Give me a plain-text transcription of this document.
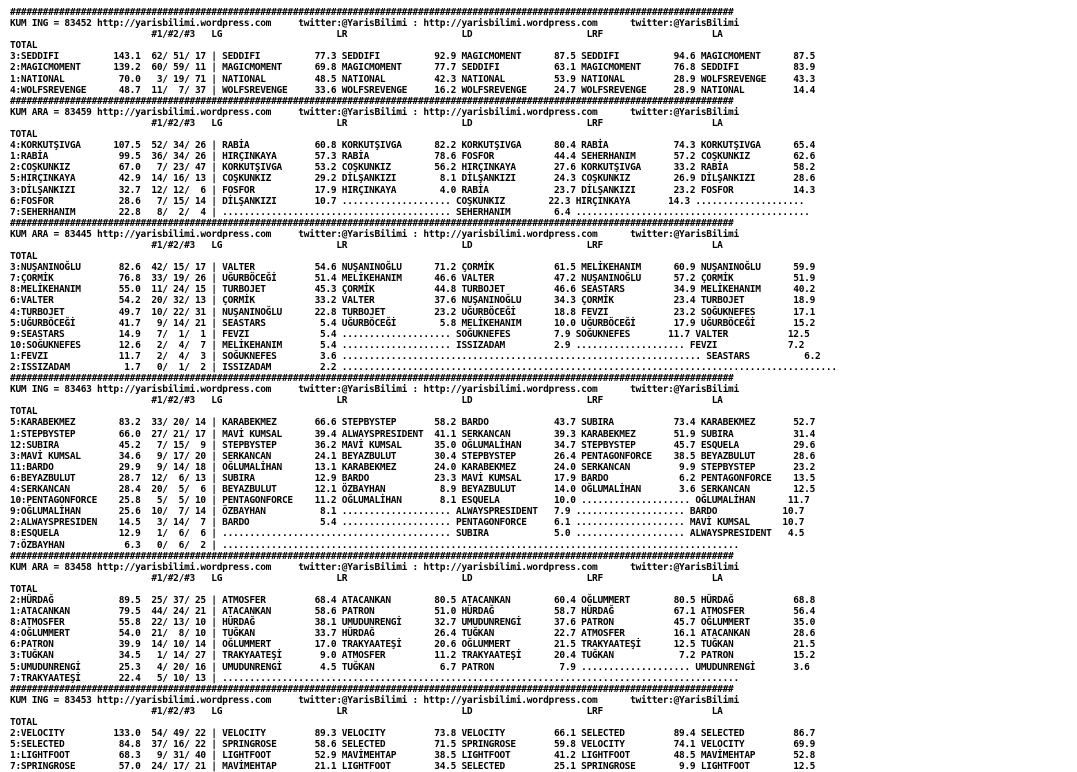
#####################################################################################################################################
KUM ING = 83452 http://yarisbilimi.wordpress.com     twitter:@YarisBilimi : http://yarisbilimi.wordpress.com      twitter:@YarisBilimi
#1/#2/#3   LG                     LR                     LD                     LRF                    LA
TOTAL
3:SEDDIFI          143.1  62/ 51/ 17 | SEDDIFI          77.3 SEDDIFI          92.9 MAGICMOMENT      87.5 SEDDIFI          94.6 MAGICMOMENT      87.5
2:MAGICMOMENT      139.2  60/ 59/ 11 | MAGICMOMENT      69.8 MAGICMOMENT      77.7 SEDDIFI          63.1 MAGICMOMENT      76.8 SEDDIFI          83.9
1:NATIONAL          70.0   3/ 19/ 71 | NATIONAL         48.5 NATIONAL         42.3 NATIONAL         53.9 NATIONAL         28.9 WOLFSREVENGE     43.3
4:WOLFSREVENGE      48.7  11/  7/ 37 | WOLFSREVENGE     33.6 WOLFSREVENGE     16.2 WOLFSREVENGE     24.7 WOLFSREVENGE     28.9 NATIONAL         14.4
#####################################################################################################################################
KUM ARA = 83459 http://yarisbilimi.wordpress.com     twitter:@YarisBilimi : http://yarisbilimi.wordpress.com      twitter:@YarisBilimi
#1/#2/#3   LG                     LR                     LD                     LRF                    LA
TOTAL
4:KORKUTŞIVGA      107.5  52/ 34/ 26 | RABİA            60.8 KORKUTŞIVGA      82.2 KORKUTŞIVGA      80.4 RABİA            74.3 KORKUTŞIVGA      65.4
1:RABİA             99.5  36/ 34/ 26 | HIRÇINKAYA       57.3 RABİA            78.6 FOSFOR           44.4 SEHERHANIM       57.2 COŞKUNKIZ        62.6
2:COŞKUNKIZ         67.0   7/ 23/ 47 | KORKUTŞIVGA      53.2 COŞKUNKIZ        56.2 HIRÇINKAYA       27.6 KORKUTŞIVGA      33.2 RABİA            58.2
5:HIRÇINKAYA        42.9  14/ 16/ 13 | COŞKUNKIZ        29.2 DİLŞANKIZI        8.1 DİLŞANKIZI       24.3 COŞKUNKIZ        26.9 DİLŞANKIZI       28.6
3:DİLŞANKIZI        32.7  12/ 12/  6 | FOSFOR           17.9 HIRÇINKAYA        4.0 RABİA            23.7 DİLŞANKIZI       23.2 FOSFOR           14.3
6:FOSFOR            28.6   7/ 15/ 14 | DİLŞANKIZI       10.7 .................... COŞKUNKIZ        22.3 HIRÇINKAYA       14.3 ....................
7:SEHERHANIM        22.8   8/  2/  4 | .......................................... SEHERHANIM        6.4 ...........................................
#####################################################################################################################################
KUM ARA = 83445 http://yarisbilimi.wordpress.com     twitter:@YarisBilimi : http://yarisbilimi.wordpress.com      twitter:@YarisBilimi
#1/#2/#3   LG                     LR                     LD                     LRF                    LA
TOTAL
3:NUŞANINOĞLU       82.6  42/ 15/ 17 | VALTER           54.6 NUŞANINOĞLU      71.2 ÇORMİK           61.5 MELİKEHANIM      60.9 NUŞANINOĞLU      59.9
7:ÇORMİK            76.8  33/ 19/ 26 | UĞURBÖCEĞİ       51.4 MELİKEHANIM      46.6 VALTER           47.2 NUŞANINOĞLU      57.2 ÇORMİK           51.9
8:MELİKEHANIM       55.0  11/ 24/ 15 | TURBOJET         45.3 ÇORMİK           44.8 TURBOJET         46.6 SEASTARS         34.9 MELİKEHANIM      40.2
6:VALTER            54.2  20/ 32/ 13 | ÇORMİK           33.2 VALTER           37.6 NUŞANINOĞLU      34.3 ÇORMİK           23.4 TURBOJET         18.9
4:TURBOJET          49.7  10/ 22/ 31 | NUŞANINOĞLU      22.8 TURBOJET         23.2 UĞURBÖCEĞİ       18.8 FEVZI            23.2 SOĞUKNEFES       17.1
5:UĞURBÖCEĞİ        41.7   9/ 14/ 21 | SEASTARS          5.4 UĞURBÖCEĞİ        5.8 MELİKEHANIM      10.0 UĞURBÖCEĞİ       17.9 UĞURBÖCEĞİ       15.2
9:SEASTARS          14.9   7/  1/  1 | FEVZI             5.4 .................... SOĞUKNEFES        7.9 SOĞUKNEFES       11.7 VALTER           12.5
10:SOĞUKNEFES       12.6   2/  4/  7 | MELİKEHANIM       5.4 .................... ISSIZADAM         2.9 .................... FEVZI             7.2
1:FEVZI             11.7   2/  4/  3 | SOĞUKNEFES        3.6 .................................................................. SEASTARS          6.2
2:ISSIZADAM          1.7   0/  1/  2 | ISSIZADAM         2.2 ...........................................................................................
#####################################################################################################################################
KUM ING = 83463 http://yarisbilimi.wordpress.com     twitter:@YarisBilimi : http://yarisbilimi.wordpress.com      twitter:@YarisBilimi
#1/#2/#3   LG                     LR                     LD                     LRF                    LA
TOTAL
5:KARABEKMEZ        83.2  33/ 20/ 14 | KARABEKMEZ       66.6 STEPBYSTEP       58.2 BARDO            43.7 SUBIRA           73.4 KARABEKMEZ       52.7
1:STEPBYSTEP        66.0  27/ 21/ 17 | MAVİ KUMSAL      39.4 ALWAYSPRESIDENT  41.1 SERKANCAN        39.3 KARABEKMEZ       51.9 SUBIRA           31.4
12:SUBIRA           45.2   7/ 15/  9 | STEPBYSTEP       36.2 MAVİ KUMSAL      35.0 OĞLUMALİHAN      34.7 STEPBYSTEP       45.7 ESQUELA          29.6
3:MAVİ KUMSAL       34.6   9/ 17/ 20 | SERKANCAN        24.1 BEYAZBULUT       30.4 STEPBYSTEP       26.4 PENTAGONFORCE    38.5 BEYAZBULUT       28.6
11:BARDO            29.9   9/ 14/ 18 | OĞLUMALİHAN      13.1 KARABEKMEZ       24.0 KARABEKMEZ       24.0 SERKANCAN         9.9 STEPBYSTEP       23.2
6:BEYAZBULUT        28.7  12/  6/ 13 | SUBIRA           12.9 BARDO            23.3 MAVİ KUMSAL      17.9 BARDO             6.2 PENTAGONFORCE    13.5
4:SERKANCAN         28.4  20/  5/  6 | BEYAZBULUT       12.1 ÖZBAYHAN          8.9 BEYAZBULUT       14.0 OĞLUMALİHAN       3.6 SERKANCAN        12.5
10:PENTAGONFORCE    25.8   5/  5/ 10 | PENTAGONFORCE    11.2 OĞLUMALİHAN       8.1 ESQUELA          10.0 .................... OĞLUMALİHAN      11.7
9:OĞLUMALİHAN       25.6  10/  7/ 14 | ÖZBAYHAN          8.1 .................... ALWAYSPRESIDENT   7.9 .................... BARDO            10.7
2:ALWAYSPRESIDEN    14.5   3/ 14/  7 | BARDO             5.4 .................... PENTAGONFORCE     6.1 .................... MAVİ KUMSAL      10.7
8:ESQUELA           12.9   1/  6/  6 | .......................................... SUBIRA            5.0 .................... ALWAYSPRESIDENT   4.5
7:ÖZBAYHAN           6.3   0/  6/  2 | ...............................................................................................
#####################################################################################################################################
KUM ARA = 83458 http://yarisbilimi.wordpress.com     twitter:@YarisBilimi : http://yarisbilimi.wordpress.com      twitter:@YarisBilimi
#1/#2/#3   LG                     LR                     LD                     LRF                    LA
TOTAL
2:HÜRDAĞ            89.5  25/ 37/ 25 | ATMOSFER         68.4 ATACANKAN        80.5 ATACANKAN        60.4 OĞLUMMERT        80.5 HÜRDAĞ           68.8
1:ATACANKAN         79.5  44/ 24/ 21 | ATACANKAN        58.6 PATRON           51.0 HÜRDAĞ           58.7 HÜRDAĞ           67.1 ATMOSFER         56.4
8:ATMOSFER          55.8  22/ 13/ 10 | HÜRDAĞ           38.1 UMUDUNRENGİ      32.7 UMUDUNRENGİ      37.6 PATRON           45.7 OĞLUMMERT        35.0
4:OĞLUMMERT         54.0  21/  8/ 10 | TUĞKAN           33.7 HÜRDAĞ           26.4 TUĞKAN           22.7 ATMOSFER         16.1 ATACANKAN        28.6
6:PATRON            39.9  14/ 10/ 14 | OĞLUMMERT        17.0 TRAKYAATEŞİ      20.6 OĞLUMMERT        21.5 TRAKYAATEŞİ      12.5 TUĞKAN           21.5
3:TUĞKAN            34.5   1/ 14/ 27 | TRAKYAATEŞİ       9.0 ATMOSFER         11.2 TRAKYAATEŞİ      20.4 TUĞKAN            7.2 PATRON           15.2
5:UMUDUNRENGİ       25.3   4/ 20/ 16 | UMUDUNRENGİ       4.5 TUĞKAN            6.7 PATRON            7.9 .................... UMUDUNRENGİ       3.6
7:TRAKYAATEŞİ       22.4   5/ 10/ 13 | ...............................................................................................
#####################################################################################################################################
KUM ING = 83453 http://yarisbilimi.wordpress.com     twitter:@YarisBilimi : http://yarisbilimi.wordpress.com      twitter:@YarisBilimi
#1/#2/#3   LG                     LR                     LD                     LRF                    LA
TOTAL
2:VELOCITY         133.0  54/ 49/ 22 | VELOCITY         89.3 VELOCITY         73.8 VELOCITY         66.1 SELECTED         89.4 SELECTED         86.7
5:SELECTED          84.8  37/ 16/ 22 | SPRINGROSE       58.6 SELECTED         71.5 SPRINGROSE       59.8 VELOCITY         74.1 VELOCITY         69.9
1:LIGHTFOOT         68.3   9/ 31/ 40 | LIGHTFOOT        52.9 MAVİMEHTAP       38.5 LIGHTFOOT        41.2 LIGHTFOOT        48.5 MAVİMEHTAP       52.8
7:SPRINGROSE        57.0  24/ 17/ 21 | MAVİMEHTAP       21.1 LIGHTFOOT        34.5 SELECTED         25.1 SPRINGROSE        9.9 LIGHTFOOT        12.5
